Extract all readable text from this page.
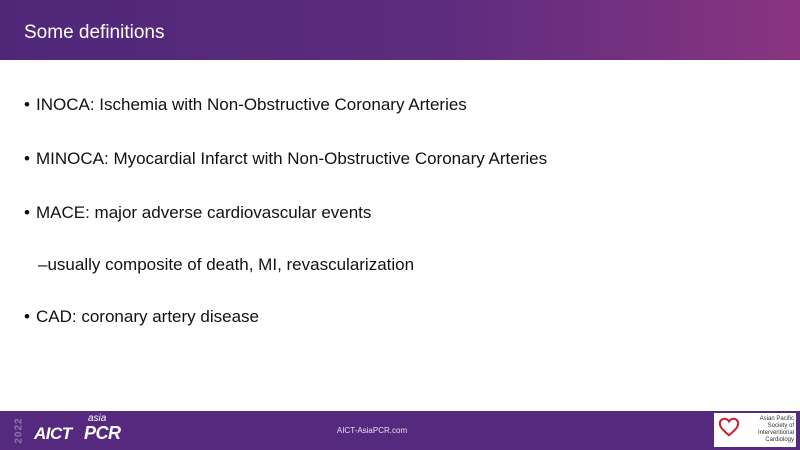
Some definitions
• INOCA: Ischemia with Non-Obstructive Coronary Arteries
• MINOCA: Myocardial Infarct with Non-Obstructive Coronary Arteries
• MACE: major adverse cardiovascular events
–usually composite of death, MI, revascularization
• CAD: coronary artery disease
2022 AICT
asia
PCR	AICT-AsiaPCR.com
Asian Pacific
Society of
Interventional
Cardiology
